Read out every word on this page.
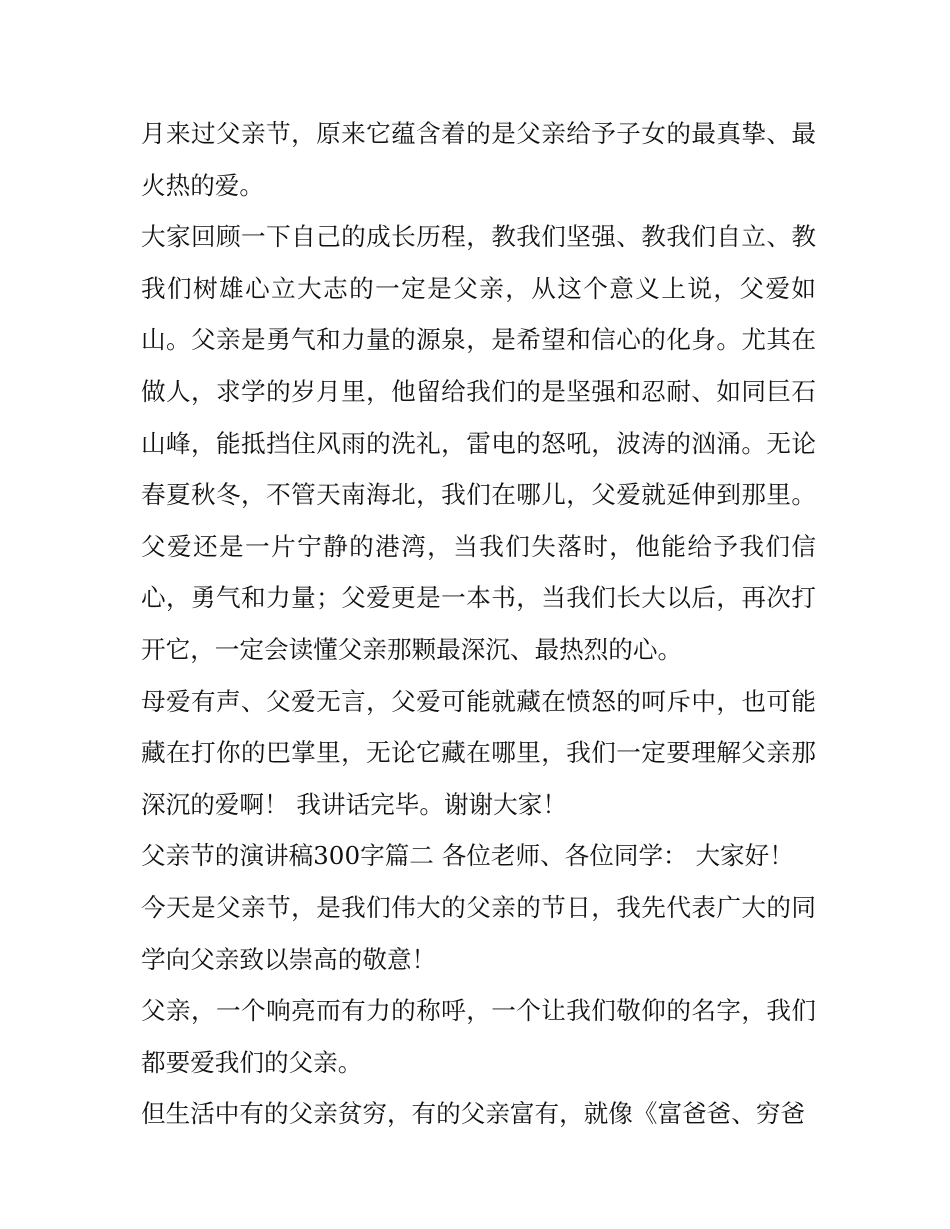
月来过父亲节，原来它蕴含着的是父亲给予子女的最真挚、最火热的爱。

大家回顾一下自己的成长历程，教我们坚强、教我们自立、教我们树雄心立大志的一定是父亲，从这个意义上说，父爱如山。父亲是勇气和力量的源泉，是希望和信心的化身。尤其在做人，求学的岁月里，他留给我们的是坚强和忍耐、如同巨石山峰，能抵挡住风雨的洗礼，雷电的怒吼，波涛的汹涌。无论春夏秋冬，不管天南海北，我们在哪儿，父爱就延伸到那里。父爱还是一片宁静的港湾，当我们失落时，他能给予我们信心，勇气和力量；父爱更是一本书，当我们长大以后，再次打开它，一定会读懂父亲那颗最深沉、最热烈的心。

母爱有声、父爱无言，父爱可能就藏在愤怒的呵斥中，也可能藏在打你的巴掌里，无论它藏在哪里，我们一定要理解父亲那深沉的爱啊！ 我讲话完毕。谢谢大家！

父亲节的演讲稿300字篇二 各位老师、各位同学： 大家好！

今天是父亲节，是我们伟大的父亲的节日，我先代表广大的同学向父亲致以崇高的敬意！

父亲，一个响亮而有力的称呼，一个让我们敬仰的名字，我们都要爱我们的父亲。

但生活中有的父亲贫穷，有的父亲富有，就像《富爸爸、穷爸
